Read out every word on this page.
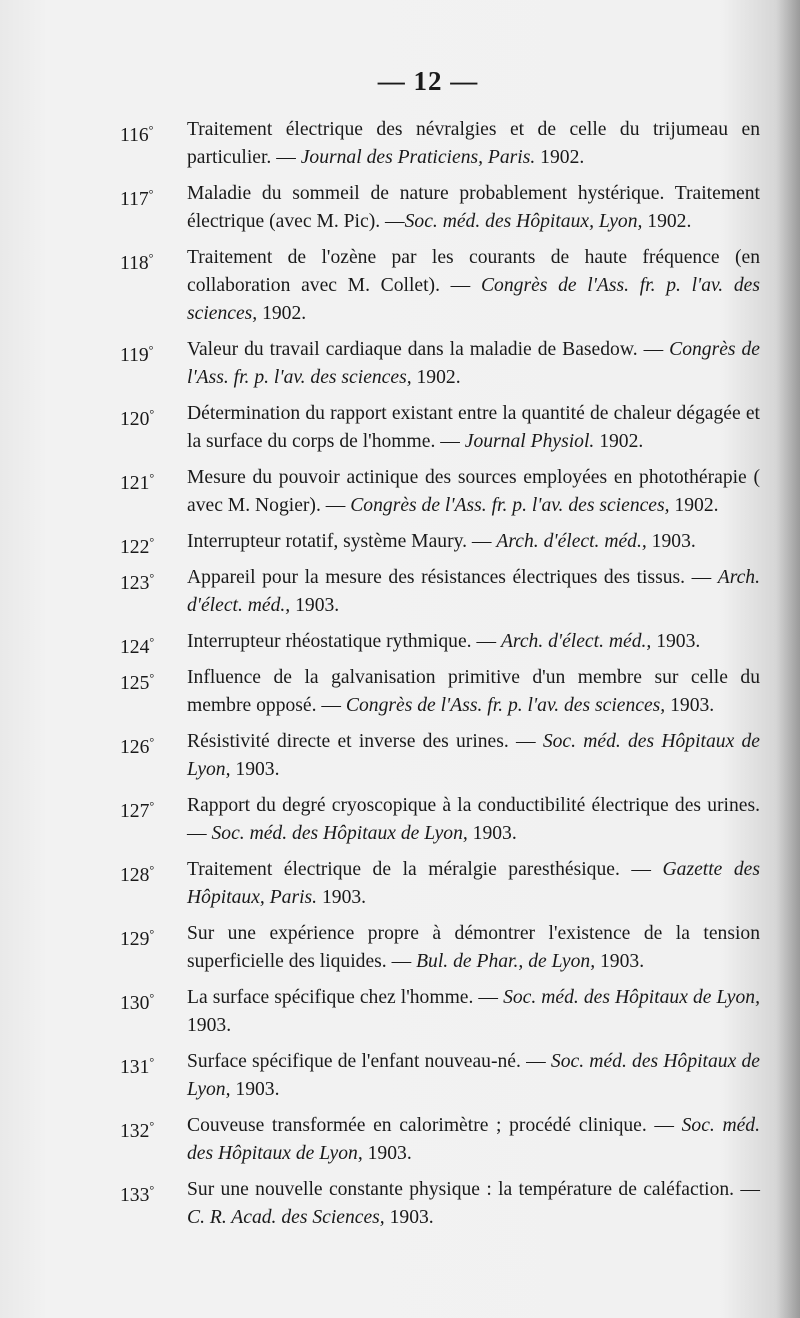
— 12 —
116°	Traitement électrique des névralgies et de celle du trijumeau en particulier. — Journal des Praticiens, Paris. 1902.
117°	Maladie du sommeil de nature probablement hystérique. Traitement électrique (avec M. Pic). —Soc. méd. des Hôpitaux, Lyon, 1902.
118°	Traitement de l'ozène par les courants de haute fréquence (en collaboration avec M. Collet). — Congrès de l'Ass. fr. p. l'av. des sciences, 1902.
119°	Valeur du travail cardiaque dans la maladie de Basedow. — Congrès de l'Ass. fr. p. l'av. des sciences, 1902.
120°	Détermination du rapport existant entre la quantité de chaleur dégagée et la surface du corps de l'homme. — Journal Physiol. 1902.
121°	Mesure du pouvoir actinique des sources employées en photothérapie ( avec M. Nogier). — Congrès de l'Ass. fr. p. l'av. des sciences, 1902.
122°	Interrupteur rotatif, système Maury. — Arch. d'élect. méd., 1903.
123°	Appareil pour la mesure des résistances électriques des tissus. — Arch. d'élect. méd., 1903.
124°	Interrupteur rhéostatique rythmique. — Arch. d'élect. méd., 1903.
125°	Influence de la galvanisation primitive d'un membre sur celle du membre opposé. — Congrès de l'Ass. fr. p. l'av. des sciences, 1903.
126°	Résistivité directe et inverse des urines. — Soc. méd. des Hôpitaux de Lyon, 1903.
127°	Rapport du degré cryoscopique à la conductibilité électrique des urines. — Soc. méd. des Hôpitaux de Lyon, 1903.
128°	Traitement électrique de la méralgie paresthésique. — Gazette des Hôpitaux, Paris. 1903.
129°	Sur une expérience propre à démontrer l'existence de la tension superficielle des liquides. — Bul. de Phar., de Lyon, 1903.
130°	La surface spécifique chez l'homme. — Soc. méd. des Hôpitaux de Lyon, 1903.
131°	Surface spécifique de l'enfant nouveau-né. — Soc. méd. des Hôpitaux de Lyon, 1903.
132°	Couveuse transformée en calorimètre ; procédé clinique. — Soc. méd. des Hôpitaux de Lyon, 1903.
133°	Sur une nouvelle constante physique : la température de caléfaction. — C. R. Acad. des Sciences, 1903.
